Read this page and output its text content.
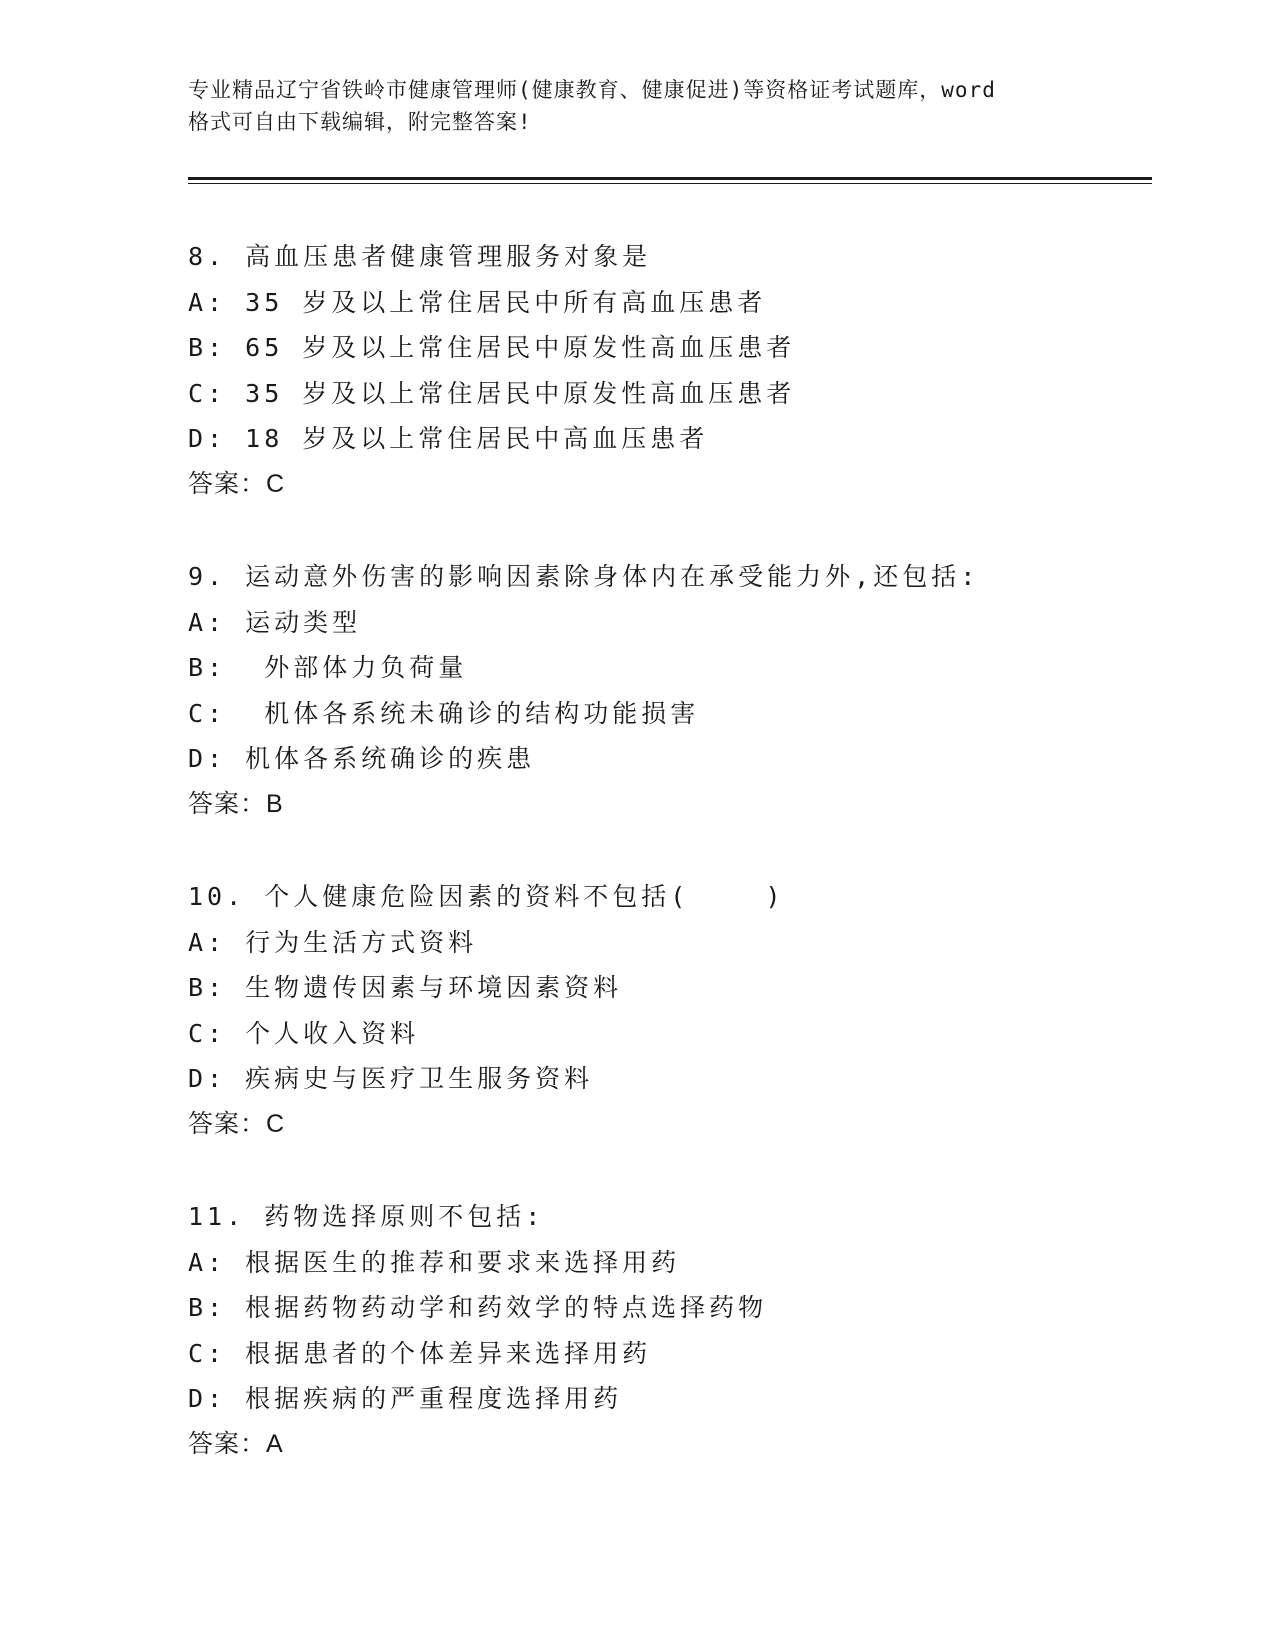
专业精品辽宁省铁岭市健康管理师(健康教育、健康促进)等资格证考试题库，word
格式可自由下载编辑，附完整答案!
8. 高血压患者健康管理服务对象是
A: 35 岁及以上常住居民中所有高血压患者
B: 65 岁及以上常住居民中原发性高血压患者
C: 35 岁及以上常住居民中原发性高血压患者
D: 18 岁及以上常住居民中高血压患者
答案：C
9. 运动意外伤害的影响因素除身体内在承受能力外,还包括:
A: 运动类型
B:  外部体力负荷量
C:  机体各系统未确诊的结构功能损害
D: 机体各系统确诊的疾患
答案：B
10. 个人健康危险因素的资料不包括(    )
A: 行为生活方式资料
B: 生物遗传因素与环境因素资料
C: 个人收入资料
D: 疾病史与医疗卫生服务资料
答案：C
11. 药物选择原则不包括:
A: 根据医生的推荐和要求来选择用药
B: 根据药物药动学和药效学的特点选择药物
C: 根据患者的个体差异来选择用药
D: 根据疾病的严重程度选择用药
答案：A
